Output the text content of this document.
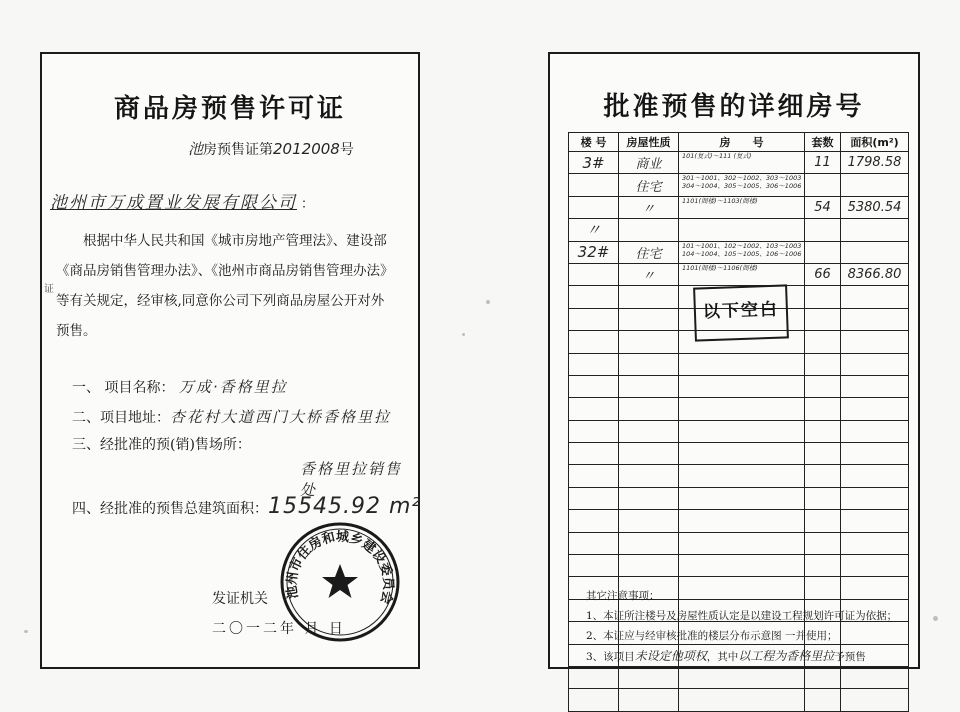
商品房预售许可证
池房预售证第2012008号
池州市万成置业发展有限公司 ：
证

根据中华人民共和国《城市房地产管理法》、建设部

《商品房销售管理办法》、《池州市商品房销售管理办法》

等有关规定，经审核,同意你公司下列商品房屋公开对外

预售。

一、 项目名称： 万成·香格里拉
二、项目地址：杏花村大道西门大桥香格里拉
三、经批准的预(销)售场所：
香格里拉销售处
四、经批准的预售总建筑面积：15545.92 m²
发证机关
二〇一二年 月 日
池州市住房和城乡建设委员会
批准预售的详细房号
楼 号	房屋性质	房　　号	套数	面积(m²)
3#	商业	101(复式)～111 (复式)	11	1798.58
	住宅	301～1001、302～1002、303～1003
304～1004、305～1005、306～1006		

	〃	1101(阁楼)～1103(阁楼)	54	5380.54
〃		

32#	住宅	101～1001、102～1002、103～1003
104～1004、105～1005、106～1006		

	〃	1101(阁楼)～1106(阁楼)	66	8366.80

以下空白

其它注意事项：

1、本证所注楼号及房屋性质认定是以建设工程规划许可证为依据；

2、本证应与经审核批准的楼层分布示意图 一并使用；

3、该项目未设定他项权，其中以工程为香格里拉予预售
